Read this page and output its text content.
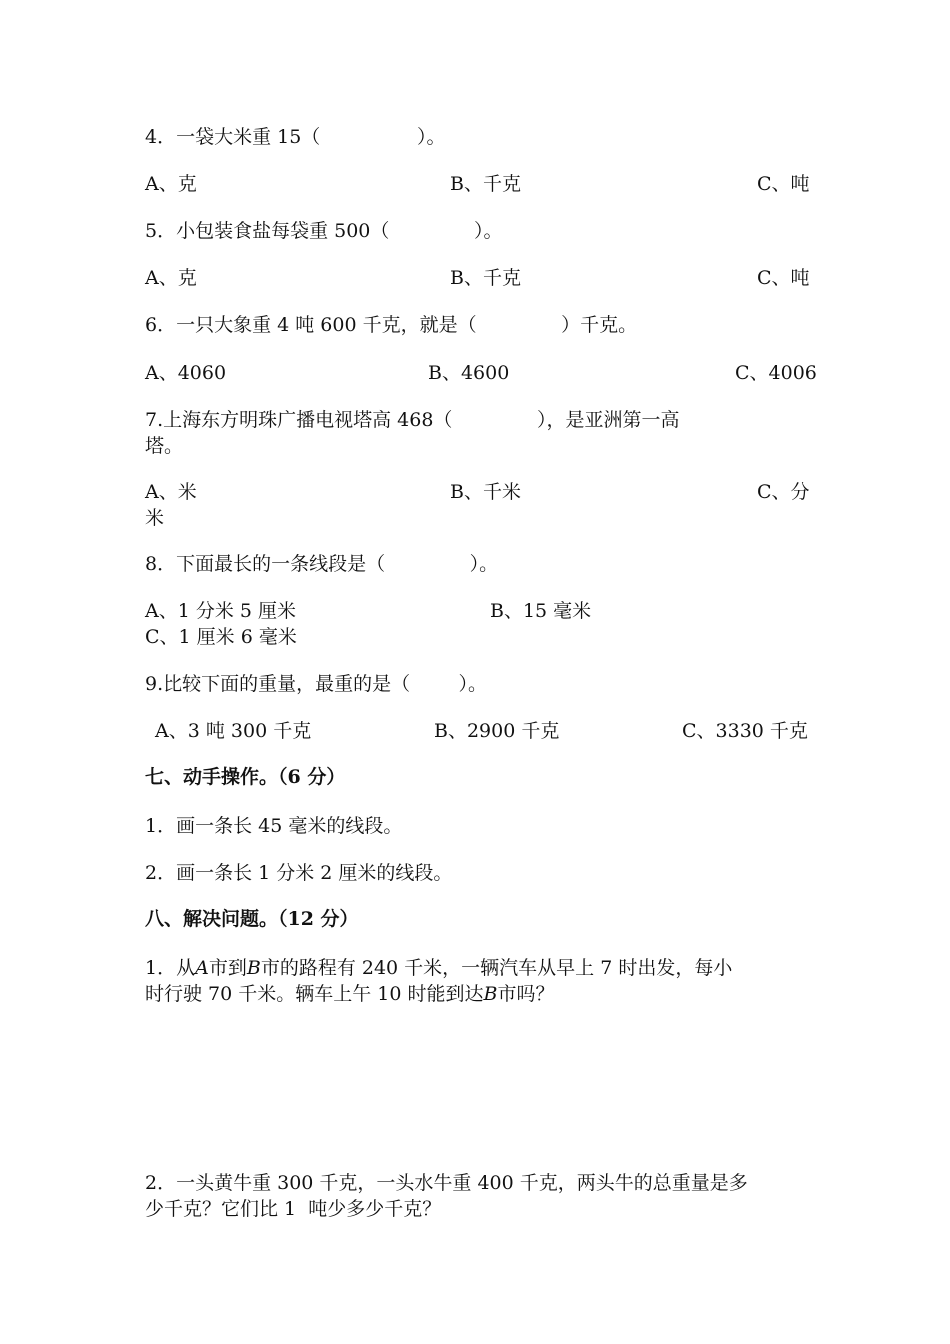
4．一袋大米重 15（                ）。
A、克	B、千克	C、吨
5．小包装食盐每袋重 500（              ）。
A、克	B、千克	C、吨
6．一只大象重 4 吨 600 千克，就是（              ）千克。
A、4060	B、4600	C、4006
7.上海东方明珠广播电视塔高 468（              ），是亚洲第一高
塔。
A、米	B、千米	C、分
米
8．下面最长的一条线段是（              ）。
A、1 分米 5 厘米	B、15 毫米
C、1 厘米 6 毫米
9.比较下面的重量，最重的是（        ）。
A、3 吨 300 千克	B、2900 千克	C、3330 千克
七、动手操作。（6 分）
1．画一条长 45 毫米的线段。
2．画一条长 1 分米 2 厘米的线段。
八、解决问题。（12 分）
1．从A市到B市的路程有 240 千米，一辆汽车从早上 7 时出发，每小
时行驶 70 千米。辆车上午 10 时能到达B市吗？
2．一头黄牛重 300 千克，一头水牛重 400 千克，两头牛的总重量是多
少千克？它们比 1  吨少多少千克？
